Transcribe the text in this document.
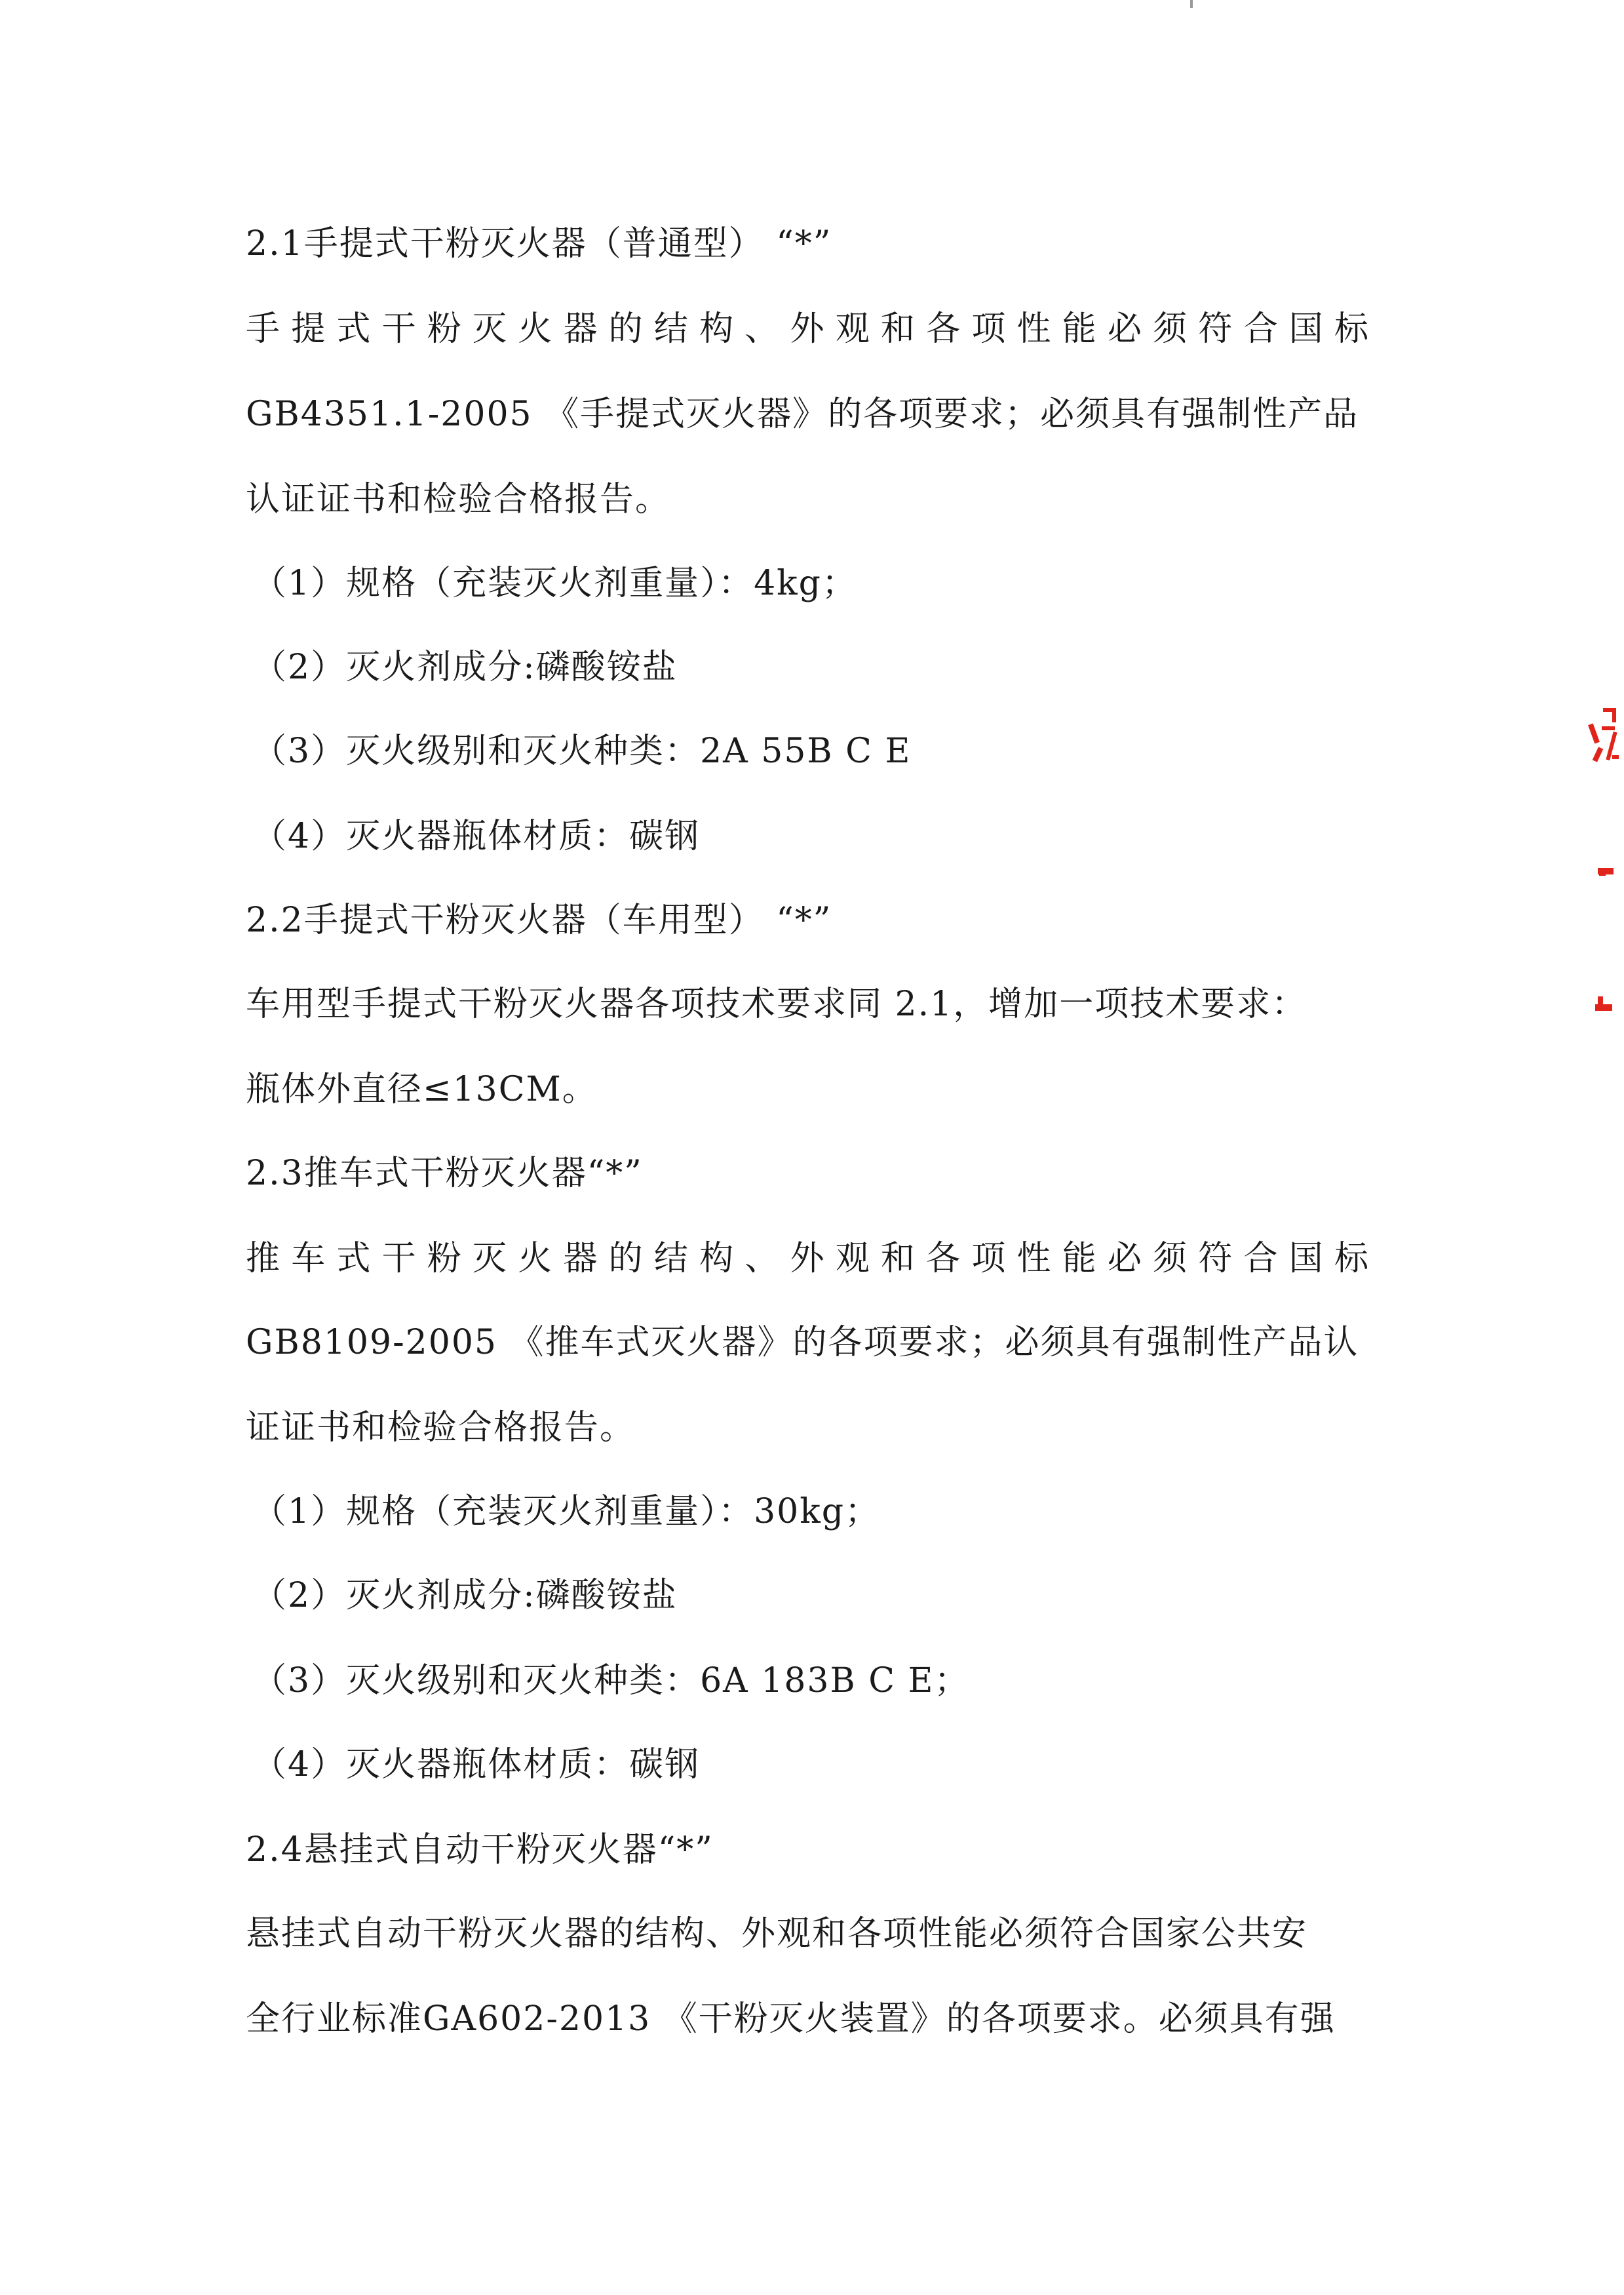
2.1手提式干粉灭火器（普通型） “*”
手提式干粉灭火器的结构、外观和各项性能必须符合国标
GB4351.1-2005 《手提式灭火器》的各项要求；必须具有强制性产品
认证证书和检验合格报告。
（1）规格（充装灭火剂重量）：4kg；
（2）灭火剂成分:磷酸铵盐
（3）灭火级别和灭火种类：2A 55B C E
（4）灭火器瓶体材质：碳钢
2.2手提式干粉灭火器（车用型） “*”
车用型手提式干粉灭火器各项技术要求同 2.1，增加一项技术要求：
瓶体外直径≤13CM。
2.3推车式干粉灭火器“*”
推车式干粉灭火器的结构、外观和各项性能必须符合国标
GB8109-2005 《推车式灭火器》的各项要求；必须具有强制性产品认
证证书和检验合格报告。
（1）规格（充装灭火剂重量）：30kg；
（2）灭火剂成分:磷酸铵盐
（3）灭火级别和灭火种类：6A 183B C E；
（4）灭火器瓶体材质：碳钢
2.4悬挂式自动干粉灭火器“*”
悬挂式自动干粉灭火器的结构、外观和各项性能必须符合国家公共安
全行业标准GA602-2013 《干粉灭火装置》的各项要求。必须具有强
